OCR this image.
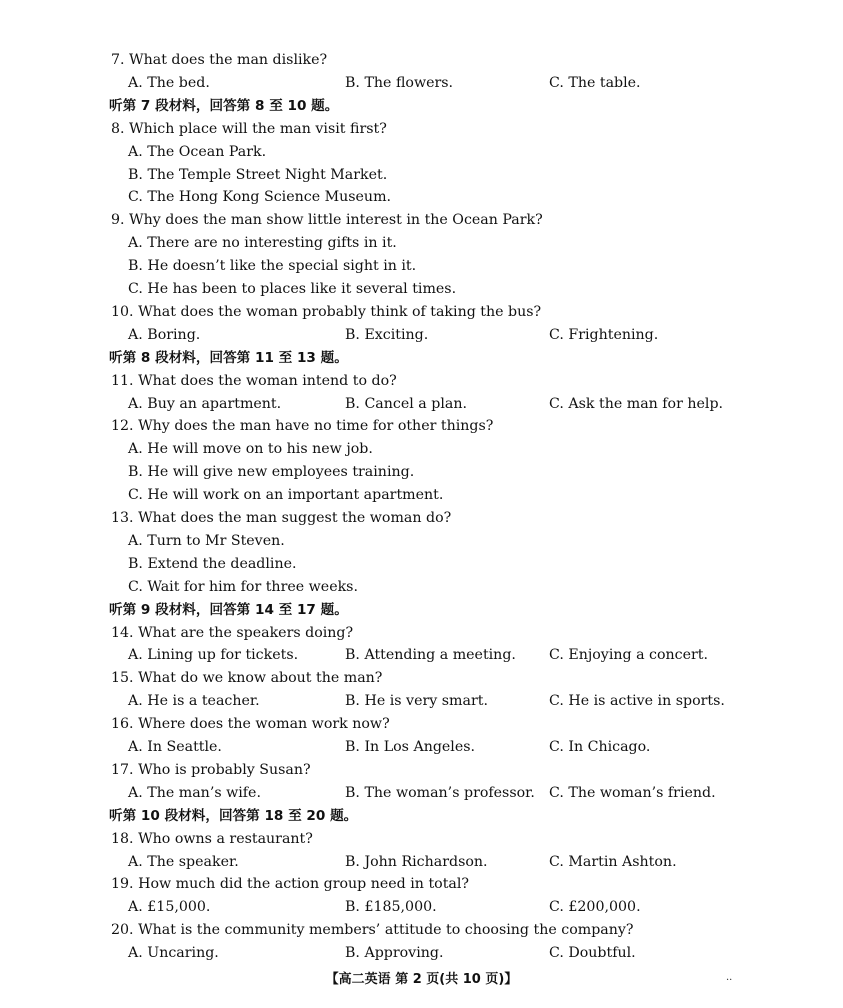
7. What does the man dislike?
A. The bed.	B. The flowers.	C. The table.
听第 7 段材料，回答第 8 至 10 题。
8. Which place will the man visit first?
A. The Ocean Park.
B. The Temple Street Night Market.
C. The Hong Kong Science Museum.
9. Why does the man show little interest in the Ocean Park?
A. There are no interesting gifts in it.
B. He doesn’t like the special sight in it.
C. He has been to places like it several times.
10. What does the woman probably think of taking the bus?
A. Boring.	B. Exciting.	C. Frightening.
听第 8 段材料，回答第 11 至 13 题。
11. What does the woman intend to do?
A. Buy an apartment.	B. Cancel a plan.	C. Ask the man for help.
12. Why does the man have no time for other things?
A. He will move on to his new job.
B. He will give new employees training.
C. He will work on an important apartment.
13. What does the man suggest the woman do?
A. Turn to Mr Steven.
B. Extend the deadline.
C. Wait for him for three weeks.
听第 9 段材料，回答第 14 至 17 题。
14. What are the speakers doing?
A. Lining up for tickets.	B. Attending a meeting. C. Enjoying a concert.
15. What do we know about the man?
A. He is a teacher.	B. He is very smart.	C. He is active in sports.
16. Where does the woman work now?
A. In Seattle.	B. In Los Angeles.	C. In Chicago.
17. Who is probably Susan?
A. The man’s wife.	B. The woman’s professor. C. The woman’s friend.
听第 10 段材料，回答第 18 至 20 题。
18. Who owns a restaurant?
A. The speaker.	B. John Richardson.	C. Martin Ashton.
19. How much did the action group need in total?
A. £15,000.	B. £185,000.	C. £200,000.
20. What is the community members’ attitude to choosing the company?
A. Uncaring.	B. Approving.	C. Doubtful.
【高二英语 第 2 页(共 10 页)】	··
